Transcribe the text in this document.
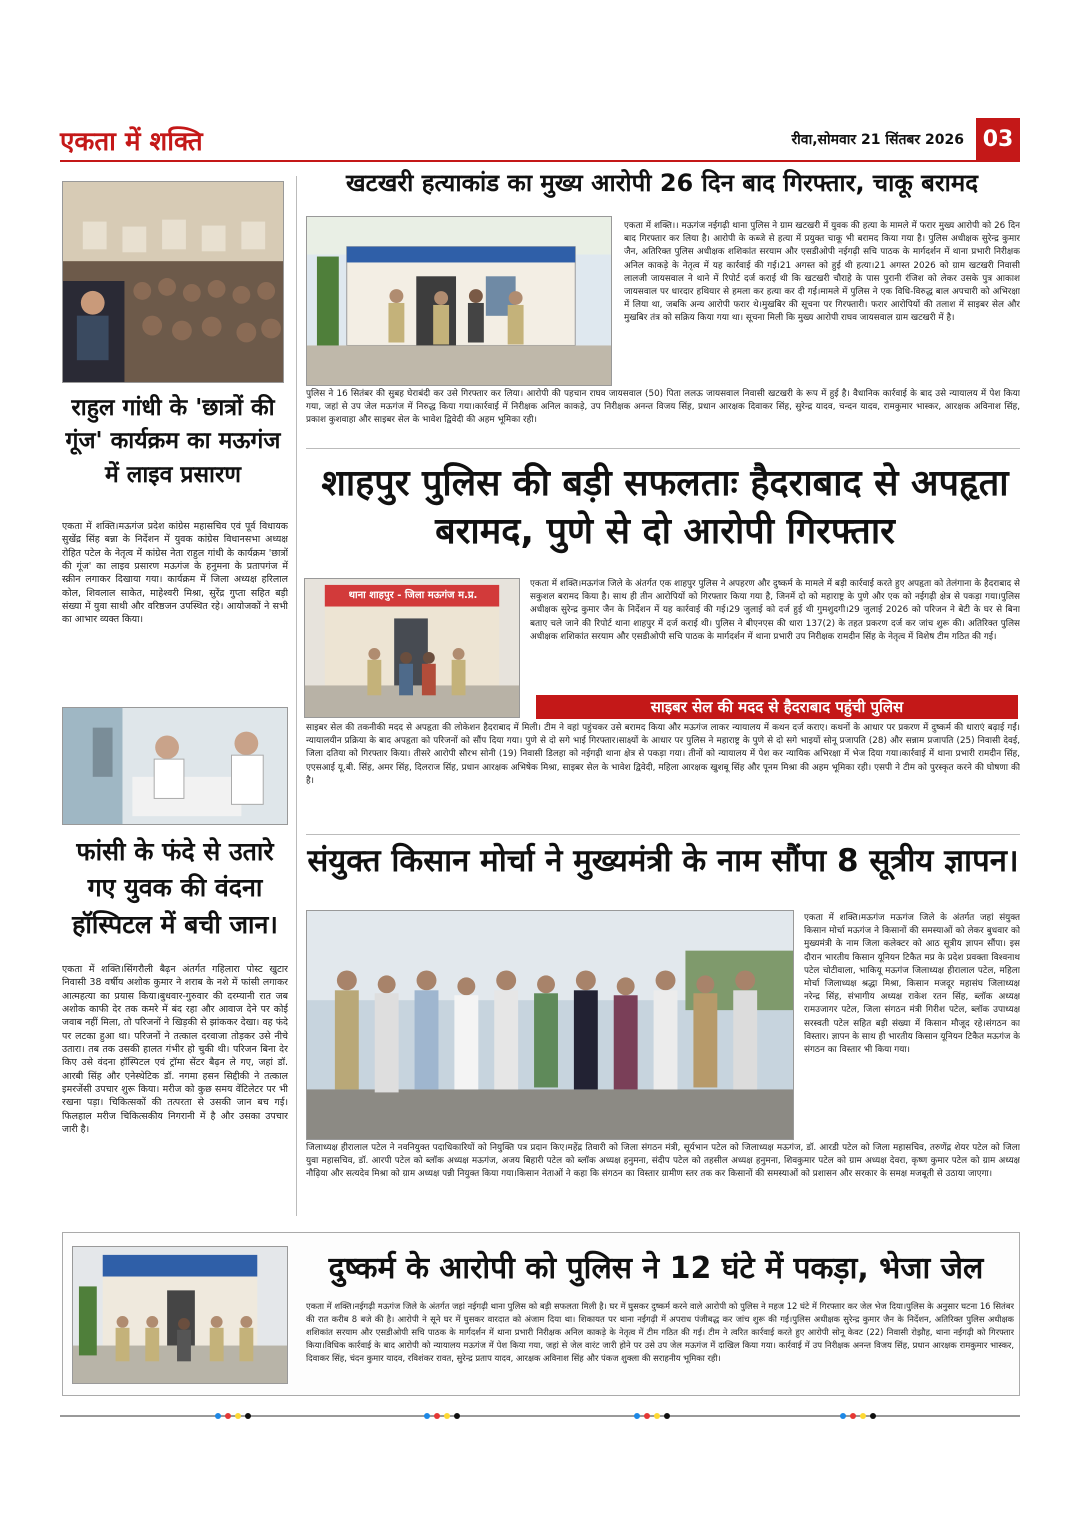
एकता में शक्ति	रीवा,सोमवार 21 सिंतबर 2026 03
राहुल गांधी के 'छात्रों की गूंज' कार्यक्रम का मऊगंज में लाइव प्रसारण
एकता में शक्ति।मऊगंज प्रदेश कांग्रेस महासचिव एवं पूर्व विधायक सुखेंद्र सिंह बन्ना के निर्देशन में युवक कांग्रेस विधानसभा अध्यक्ष रोहित पटेल के नेतृत्व में कांग्रेस नेता राहुल गांधी के कार्यक्रम 'छात्रों की गूंज' का लाइव प्रसारण मऊगंज के हनुमना के प्रतापगंज में स्क्रीन लगाकर दिखाया गया। कार्यक्रम में जिला अध्यक्ष हरिलाल कोल, शिवलाल साकेत, माहेश्वरी मिश्रा, सुरेंद्र गुप्ता सहित बड़ी संख्या में युवा साथी और वरिष्ठजन उपस्थित रहे। आयोजकों ने सभी का आभार व्यक्त किया।
फांसी के फंदे से उतारे गए युवक की वंदना हॉस्पिटल में बची जान।
एकता में शक्ति।सिंगरौली बैढ़न अंतर्गत गहिलारा पोस्ट खुटार निवासी 38 वर्षीय अशोक कुमार ने शराब के नशे में फांसी लगाकर आत्महत्या का प्रयास किया।बुधवार-गुरुवार की दरम्यानी रात जब अशोक काफी देर तक कमरे में बंद रहा और आवाज देने पर कोई जवाब नहीं मिला, तो परिजनों ने खिड़की से झांककर देखा। वह फंदे पर लटका हुआ था। परिजनों ने तत्काल दरवाजा तोड़कर उसे नीचे उतारा। तब तक उसकी हालत गंभीर हो चुकी थी। परिजन बिना देर किए उसे वंदना हॉस्पिटल एवं ट्रॉमा सेंटर बैढ़न ले गए, जहां डॉ. आरबी सिंह और एनेस्थेटिक डॉ. नगमा हसन सिद्दीकी ने तत्काल इमरजेंसी उपचार शुरू किया। मरीज को कुछ समय वेंटिलेटर पर भी रखना पड़ा। चिकित्सकों की तत्परता से उसकी जान बच गई।फिलहाल मरीज चिकित्सकीय निगरानी में है और उसका उपचार जारी है।
खटखरी हत्याकांड का मुख्य आरोपी 26 दिन बाद गिरफ्तार, चाकू बरामद
एकता में शक्ति।। मऊगंज नईगढ़ी थाना पुलिस ने ग्राम खटखरी में युवक की हत्या के मामले में फरार मुख्य आरोपी को 26 दिन बाद गिरफ्तार कर लिया है। आरोपी के कब्जे से हत्या में प्रयुक्त चाकू भी बरामद किया गया है। पुलिस अधीक्षक सुरेन्द्र कुमार जैन, अतिरिक्त पुलिस अधीक्षक शशिकांत सरयाम और एसडीओपी नईगढ़ी सचि पाठक के मार्गदर्शन में थाना प्रभारी निरीक्षक अनिल काकड़े के नेतृत्व में यह कार्रवाई की गई।21 अगस्त को हुई थी हत्या।21 अगस्त 2026 को ग्राम खटखरी निवासी लालजी जायसवाल ने थाने में रिपोर्ट दर्ज कराई थी कि खटखरी चौराहे के पास पुरानी रंजिश को लेकर उसके पुत्र आकाश जायसवाल पर धारदार हथियार से हमला कर हत्या कर दी गई।मामले में पुलिस ने एक विधि-विरुद्ध बाल अपचारी को अभिरक्षा में लिया था, जबकि अन्य आरोपी फरार थे।मुखबिर की सूचना पर गिरफ्तारी। फरार आरोपियों की तलाश में साइबर सेल और मुखबिर तंत्र को सक्रिय किया गया था। सूचना मिली कि मुख्य आरोपी राघव जायसवाल ग्राम खटखरी में है।
पुलिस ने 16 सितंबर की सुबह घेराबंदी कर उसे गिरफ्तार कर लिया। आरोपी की पहचान राघव जायसवाल (50) पिता ललऊ जायसवाल निवासी खटखरी के रूप में हुई है। वैधानिक कार्रवाई के बाद उसे न्यायालय में पेश किया गया, जहां से उप जेल मऊगंज में निरुद्ध किया गया।कार्रवाई में निरीक्षक अनिल काकड़े, उप निरीक्षक अनन्त विजय सिंह, प्रधान आरक्षक दिवाकर सिंह, सुरेन्द्र यादव, चन्दन यादव, रामकुमार भास्कर, आरक्षक अविनाश सिंह, प्रकाश कुशवाहा और साइबर सेल के भावेश द्विवेदी की अहम भूमिका रही।
शाहपुर पुलिस की बड़ी सफलताः हैदराबाद से अपहृता बरामद, पुणे से दो आरोपी गिरफ्तार
थाना शाहपुर - जिला मऊगंज म.प्र.
एकता में शक्ति।मऊगंज जिले के अंतर्गत एक शाहपुर पुलिस ने अपहरण और दुष्कर्म के मामले में बड़ी कार्रवाई करते हुए अपहृता को तेलंगाना के हैदराबाद से सकुशल बरामद किया है। साथ ही तीन आरोपियों को गिरफ्तार किया गया है, जिनमें दो को महाराष्ट्र के पुणे और एक को नईगढ़ी क्षेत्र से पकड़ा गया।पुलिस अधीक्षक सुरेन्द्र कुमार जैन के निर्देशन में यह कार्रवाई की गई।29 जुलाई को दर्ज हुई थी गुमशुदगी।29 जुलाई 2026 को परिजन ने बेटी के घर से बिना बताए चले जाने की रिपोर्ट थाना शाहपुर में दर्ज कराई थी। पुलिस ने बीएनएस की धारा 137(2) के तहत प्रकरण दर्ज कर जांच शुरू की। अतिरिक्त पुलिस अधीक्षक शशिकांत सरयाम और एसडीओपी सचि पाठक के मार्गदर्शन में थाना प्रभारी उप निरीक्षक रामदीन सिंह के नेतृत्व में विशेष टीम गठित की गई।
साइबर सेल की मदद से हैदराबाद पहुंची पुलिस
साइबर सेल की तकनीकी मदद से अपहृता की लोकेशन हैदराबाद में मिली। टीम ने वहां पहुंचकर उसे बरामद किया और मऊगंज लाकर न्यायालय में कथन दर्ज कराए। कथनों के आधार पर प्रकरण में दुष्कर्म की धाराएं बढ़ाई गईं। न्यायालयीन प्रक्रिया के बाद अपहृता को परिजनों को सौंप दिया गया। पुणे से दो सगे भाई गिरफ्तार।साक्ष्यों के आधार पर पुलिस ने महाराष्ट्र के पुणे से दो सगे भाइयों सोनू प्रजापति (28) और सन्नाम प्रजापति (25) निवासी देवई, जिला दतिया को गिरफ्तार किया। तीसरे आरोपी सौरभ सोनी (19) निवासी डिलहा को नईगढ़ी थाना क्षेत्र से पकड़ा गया। तीनों को न्यायालय में पेश कर न्यायिक अभिरक्षा में भेज दिया गया।कार्रवाई में थाना प्रभारी रामदीन सिंह, एएसआई यू.बी. सिंह, अमर सिंह, दिलराज सिंह, प्रधान आरक्षक अभिषेक मिश्रा, साइबर सेल के भावेश द्विवेदी, महिला आरक्षक खुशबू सिंह और पूनम मिश्रा की अहम भूमिका रही। एसपी ने टीम को पुरस्कृत करने की घोषणा की है।
संयुक्त किसान मोर्चा ने मुख्यमंत्री के नाम सौंपा 8 सूत्रीय ज्ञापन।
एकता में शक्ति।मऊगंज मऊगंज जिले के अंतर्गत जहां संयुक्त किसान मोर्चा मऊगंज ने किसानों की समस्याओं को लेकर बुधवार को मुख्यमंत्री के नाम जिला कलेक्टर को आठ सूत्रीय ज्ञापन सौंपा। इस दौरान भारतीय किसान यूनियन टिकैत मप्र के प्रदेश प्रवक्ता विश्वनाथ पटेल चोटीवाला, भाकियू मऊगंज जिलाध्यक्ष हीरालाल पटेल, महिला मोर्चा जिलाध्यक्ष श्रद्धा मिश्रा, किसान मजदूर महासंघ जिलाध्यक्ष नरेन्द्र सिंह, संभागीय अध्यक्ष राकेश रतन सिंह, ब्लॉक अध्यक्ष रामउजागर पटेल, जिला संगठन मंत्री गिरीश पटेल, ब्लॉक उपाध्यक्ष सरस्वती पटेल सहित बड़ी संख्या में किसान मौजूद रहे।संगठन का विस्तार। ज्ञापन के साथ ही भारतीय किसान यूनियन टिकैत मऊगंज के संगठन का विस्तार भी किया गया।
जिलाध्यक्ष हीरालाल पटेल ने नवनियुक्त पदाधिकारियों को नियुक्ति पत्र प्रदान किए।महेंद्र तिवारी को जिला संगठन मंत्री, सूर्यभान पटेल को जिलाध्यक्ष मऊगंज, डॉ. आरडी पटेल को जिला महासचिव, तरुणेंद्र शेयर पटेल को जिला युवा महासचिव, डॉ. आरपी पटेल को ब्लॉक अध्यक्ष मऊगंज, अजय बिहारी पटेल को ब्लॉक अध्यक्ष हनुमना, संदीप पटेल को तहसील अध्यक्ष हनुमना, शिवकुमार पटेल को ग्राम अध्यक्ष देवरा, कृष्ण कुमार पटेल को ग्राम अध्यक्ष नौढ़िया और सत्यदेव मिश्रा को ग्राम अध्यक्ष पन्नी नियुक्त किया गया।किसान नेताओं ने कहा कि संगठन का विस्तार ग्रामीण स्तर तक कर किसानों की समस्याओं को प्रशासन और सरकार के समक्ष मजबूती से उठाया जाएगा।
दुष्कर्म के आरोपी को पुलिस ने 12 घंटे में पकड़ा, भेजा जेल
एकता में शक्ति।नईगढ़ी मऊगंज जिले के अंतर्गत जहां नईगढ़ी थाना पुलिस को बड़ी सफलता मिली है। घर में घुसकर दुष्कर्म करने वाले आरोपी को पुलिस ने महज 12 घंटे में गिरफ्तार कर जेल भेज दिया।पुलिस के अनुसार घटना 16 सितंबर की रात करीब 8 बजे की है। आरोपी ने सूने घर में घुसकर वारदात को अंजाम दिया था। शिकायत पर थाना नईगढ़ी में अपराध पंजीबद्ध कर जांच शुरू की गई।पुलिस अधीक्षक सुरेन्द्र कुमार जैन के निर्देशन, अतिरिक्त पुलिस अधीक्षक शशिकांत सरयाम और एसडीओपी सचि पाठक के मार्गदर्शन में थाना प्रभारी निरीक्षक अनिल काकड़े के नेतृत्व में टीम गठित की गई। टीम ने त्वरित कार्रवाई करते हुए आरोपी सोनू केवट (22) निवासी रोझौह, थाना नईगढ़ी को गिरफ्तार किया।विधिक कार्रवाई के बाद आरोपी को न्यायालय मऊगंज में पेश किया गया, जहां से जेल वारंट जारी होने पर उसे उप जेल मऊगंज में दाखिल किया गया। कार्रवाई में उप निरीक्षक अनन्त विजय सिंह, प्रधान आरक्षक रामकुमार भास्कर, दिवाकर सिंह, चंदन कुमार यादव, रविशंकर रावत, सुरेन्द्र प्रताप यादव, आरक्षक अविनाश सिंह और पंकज शुक्ला की सराहनीय भूमिका रही।
